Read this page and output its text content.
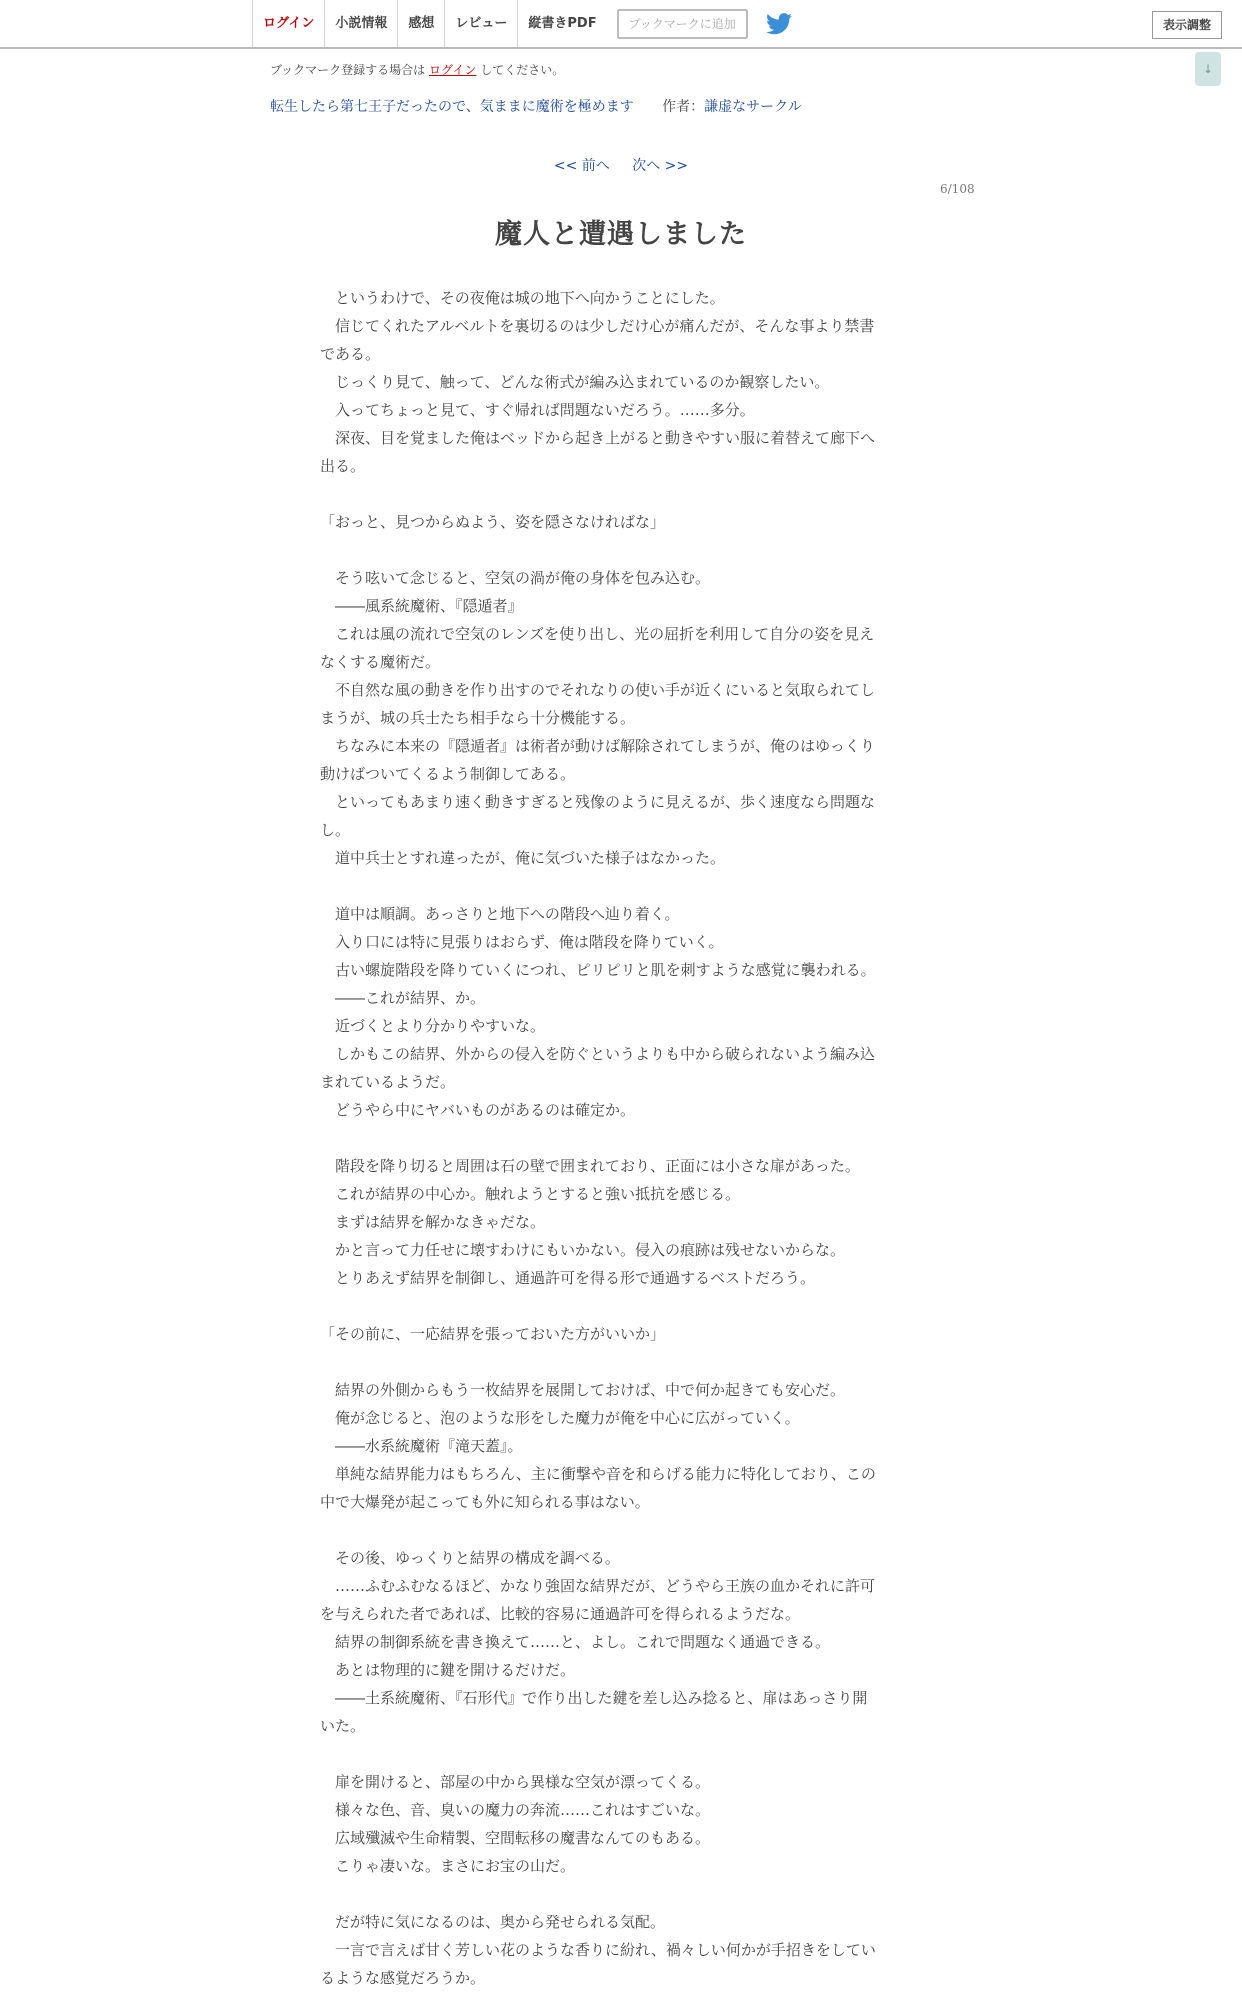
ログイン	小説情報	感想	レビュー	縦書きPDF	ブックマークに追加	表示調整
↓
ブックマーク登録する場合は ログイン してください。
転生したら第七王子だったので、気ままに魔術を極めます 作者：謙虚なサークル
<< 前へ 次へ >>
6/108
魔人と遭遇しました

　というわけで、その夜俺は城の地下へ向かうことにした。

　信じてくれたアルベルトを裏切るのは少しだけ心が痛んだが、そんな事より禁書

である。

　じっくり見て、触って、どんな術式が編み込まれているのか観察したい。

　入ってちょっと見て、すぐ帰れば問題ないだろう。……多分。

　深夜、目を覚ました俺はベッドから起き上がると動きやすい服に着替えて廊下へ

出る。

「おっと、見つからぬよう、姿を隠さなければな」

　そう呟いて念じると、空気の渦が俺の身体を包み込む。

　――風系統魔術、『隠遁者』

　これは風の流れで空気のレンズを使り出し、光の屈折を利用して自分の姿を見え

なくする魔術だ。

　不自然な風の動きを作り出すのでそれなりの使い手が近くにいると気取られてし

まうが、城の兵士たち相手なら十分機能する。

　ちなみに本来の『隠遁者』は術者が動けば解除されてしまうが、俺のはゆっくり

動けばついてくるよう制御してある。

　といってもあまり速く動きすぎると残像のように見えるが、歩く速度なら問題な

し。

　道中兵士とすれ違ったが、俺に気づいた様子はなかった。

　道中は順調。あっさりと地下への階段へ辿り着く。

　入り口には特に見張りはおらず、俺は階段を降りていく。

　古い螺旋階段を降りていくにつれ、ピリピリと肌を刺すような感覚に襲われる。

　――これが結界、か。

　近づくとより分かりやすいな。

　しかもこの結界、外からの侵入を防ぐというよりも中から破られないよう編み込

まれているようだ。

　どうやら中にヤバいものがあるのは確定か。

　階段を降り切ると周囲は石の壁で囲まれており、正面には小さな扉があった。

　これが結界の中心か。触れようとすると強い抵抗を感じる。

　まずは結界を解かなきゃだな。

　かと言って力任せに壊すわけにもいかない。侵入の痕跡は残せないからな。

　とりあえず結界を制御し、通過許可を得る形で通過するベストだろう。

「その前に、一応結界を張っておいた方がいいか」

　結界の外側からもう一枚結界を展開しておけば、中で何か起きても安心だ。

　俺が念じると、泡のような形をした魔力が俺を中心に広がっていく。

　――水系統魔術『滝天蓋』。

　単純な結界能力はもちろん、主に衝撃や音を和らげる能力に特化しており、この

中で大爆発が起こっても外に知られる事はない。

　その後、ゆっくりと結界の構成を調べる。

　……ふむふむなるほど、かなり強固な結界だが、どうやら王族の血かそれに許可

を与えられた者であれば、比較的容易に通過許可を得られるようだな。

　結界の制御系統を書き換えて……と、よし。これで問題なく通過できる。

　あとは物理的に鍵を開けるだけだ。

　――土系統魔術、『石形代』で作り出した鍵を差し込み捻ると、扉はあっさり開

いた。

　扉を開けると、部屋の中から異様な空気が漂ってくる。

　様々な色、音、臭いの魔力の奔流……これはすごいな。

　広域殲滅や生命精製、空間転移の魔書なんてのもある。

　こりゃ凄いな。まさにお宝の山だ。

　だが特に気になるのは、奥から発せられる気配。

　一言で言えば甘く芳しい花のような香りに紛れ、禍々しい何かが手招きをしてい

るような感覚だろうか。
